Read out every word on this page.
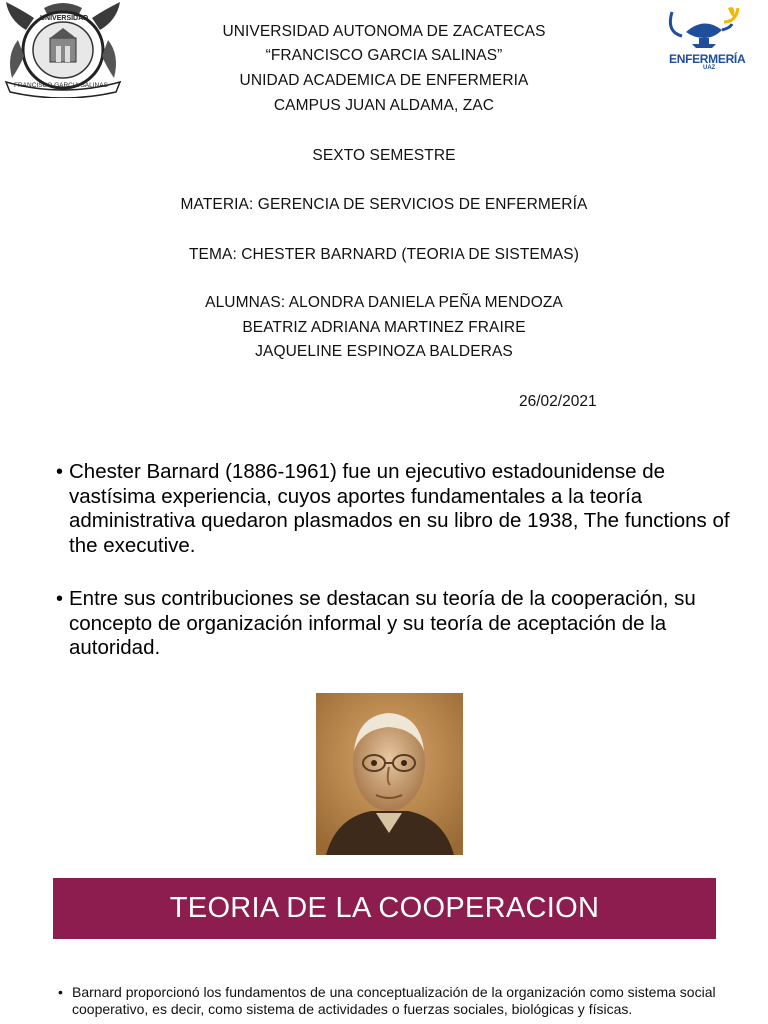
UNIVERSIDAD
FRANCISCO GARCIA SALINAS
ENFERMERÍA
UAZ
UNIVERSIDAD AUTONOMA DE ZACATECAS
“FRANCISCO GARCIA SALINAS”
UNIDAD ACADEMICA DE ENFERMERIA
CAMPUS JUAN ALDAMA, ZAC
SEXTO SEMESTRE
MATERIA: GERENCIA DE SERVICIOS DE ENFERMERÍA
TEMA: CHESTER BARNARD (TEORIA DE SISTEMAS)
ALUMNAS: ALONDRA DANIELA PEÑA MENDOZA
BEATRIZ ADRIANA MARTINEZ FRAIRE
JAQUELINE ESPINOZA BALDERAS
26/02/2021
• Chester Barnard (1886-1961) fue un ejecutivo estadounidense de vastísima experiencia, cuyos aportes fundamentales a la teoría administrativa quedaron plasmados en su libro de 1938, The functions of the executive.
• Entre sus contribuciones se destacan su teoría de la cooperación, su concepto de organización informal y su teoría de aceptación de la autoridad.
TEORIA DE LA COOPERACION
• Barnard proporcionó los fundamentos de una conceptualización de la organización como sistema social cooperativo, es decir, como sistema de actividades o fuerzas sociales, biológicas y físicas.
